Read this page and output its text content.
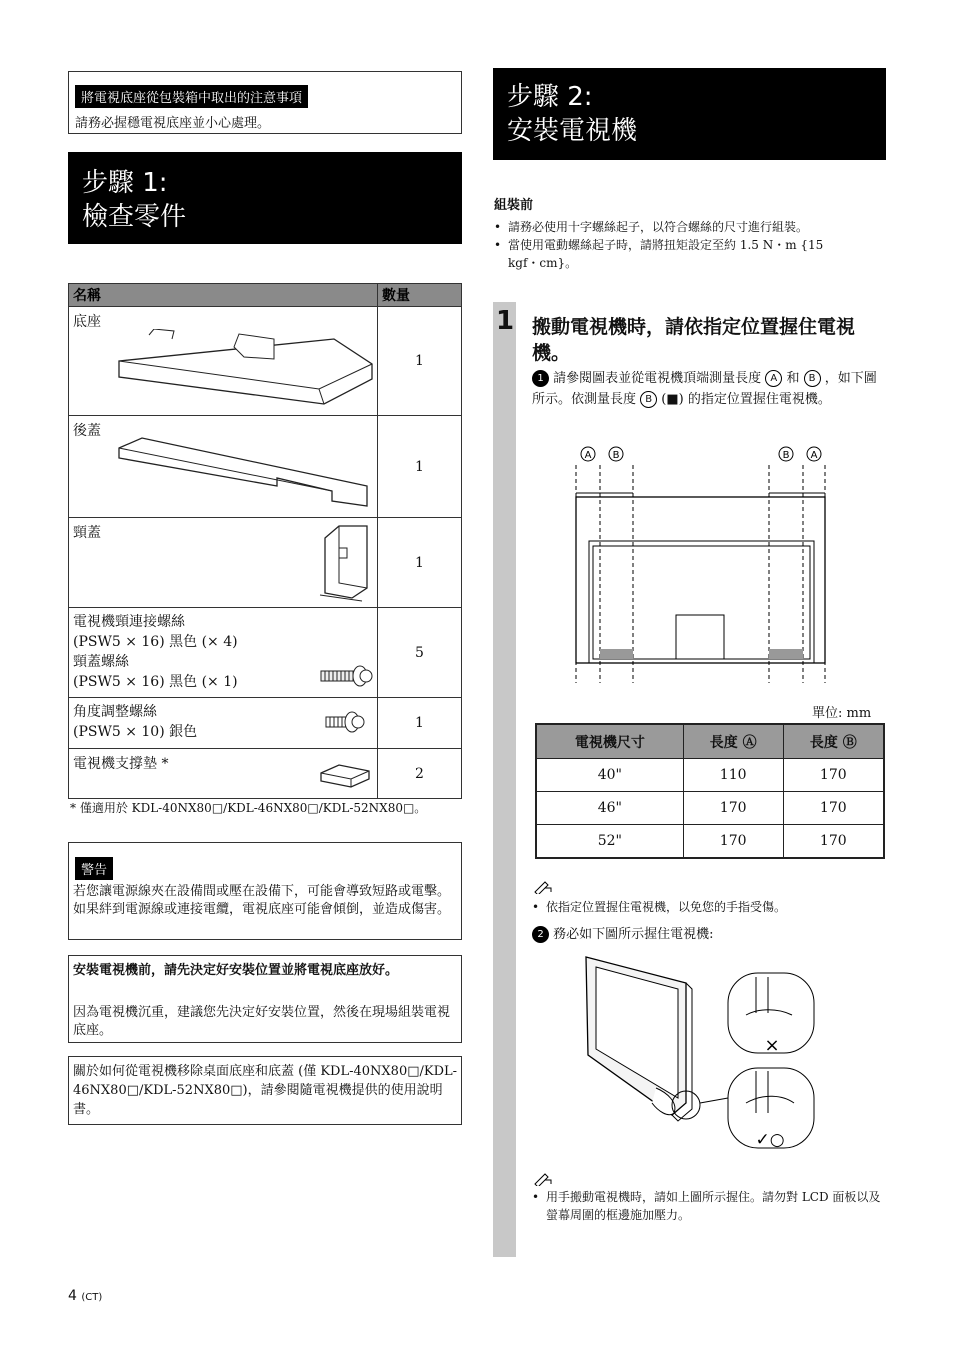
將電視底座從包裝箱中取出的注意事項
請務必握穩電視底座並小心處理。
步驟 1:
檢查零件
名稱	數量
底座	1
後蓋	1
頸蓋	1

電視機頸連接螺絲
(PSW5 × 16) 黑色 (× 4)
頸蓋螺絲
(PSW5 × 16) 黑色 (× 1)	5

角度調整螺絲
(PSW5 × 10) 銀色	1
電視機支撐墊 *	2
* 僅適用於 KDL-40NX80□/KDL-46NX80□/KDL-52NX80□。
警告
若您讓電源線夾在設備間或壓在設備下，可能會導致短路或電擊。如果絆到電源線或連接電纜，電視底座可能會傾倒，並造成傷害。
安裝電視機前，請先決定好安裝位置並將電視底座放好。
因為電視機沉重，建議您先決定好安裝位置，然後在現場組裝電視底座。
關於如何從電視機移除桌面底座和底蓋 (僅 KDL-40NX80□/KDL-46NX80□/KDL-52NX80□)，請參閱隨電視機提供的使用說明書。
步驟 2:
安裝電視機
組裝前
• 請務必使用十字螺絲起子，以符合螺絲的尺寸進行組裝。
• 當使用電動螺絲起子時，請將扭矩設定至約 1.5 N・m {15 kgf・cm}。
1 搬動電視機時，請依指定位置握住電視機。
1 請參閱圖表並從電視機頂端測量長度 A 和 B ，如下圖所示。依測量長度 B (■) 的指定位置握住電視機。
A B	B A
單位: mm
電視機尺寸	長度 Ⓐ	長度 Ⓑ
40"	110	170
46"	170	170
52"	170	170
• 依指定位置握住電視機，以免您的手指受傷。
2 務必如下圖所示握住電視機:
×
✓○
• 用手搬動電視機時，請如上圖所示握住。請勿對 LCD 面板以及螢幕周圍的框邊施加壓力。
4 (CT)
